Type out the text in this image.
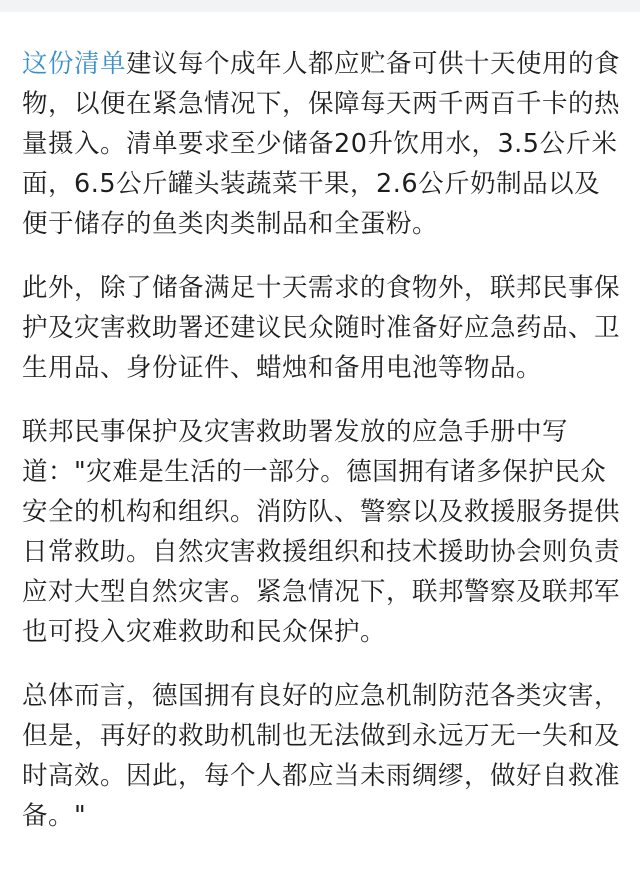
这份清单建议每个成年人都应贮备可供十天使用的食物，以便在紧急情况下，保障每天两千两百千卡的热量摄入。清单要求至少储备20升饮用水，3.5公斤米面，6.5公斤罐头装蔬菜干果，2.6公斤奶制品以及便于储存的鱼类肉类制品和全蛋粉。

此外，除了储备满足十天需求的食物外，联邦民事保护及灾害救助署还建议民众随时准备好应急药品、卫生用品、身份证件、蜡烛和备用电池等物品。

联邦民事保护及灾害救助署发放的应急手册中写道："灾难是生活的一部分。德国拥有诸多保护民众安全的机构和组织。消防队、警察以及救援服务提供日常救助。自然灾害救援组织和技术援助协会则负责应对大型自然灾害。紧急情况下，联邦警察及联邦军也可投入灾难救助和民众保护。

总体而言，德国拥有良好的应急机制防范各类灾害，但是，再好的救助机制也无法做到永远万无一失和及时高效。因此，每个人都应当未雨绸缪，做好自救准备。"
